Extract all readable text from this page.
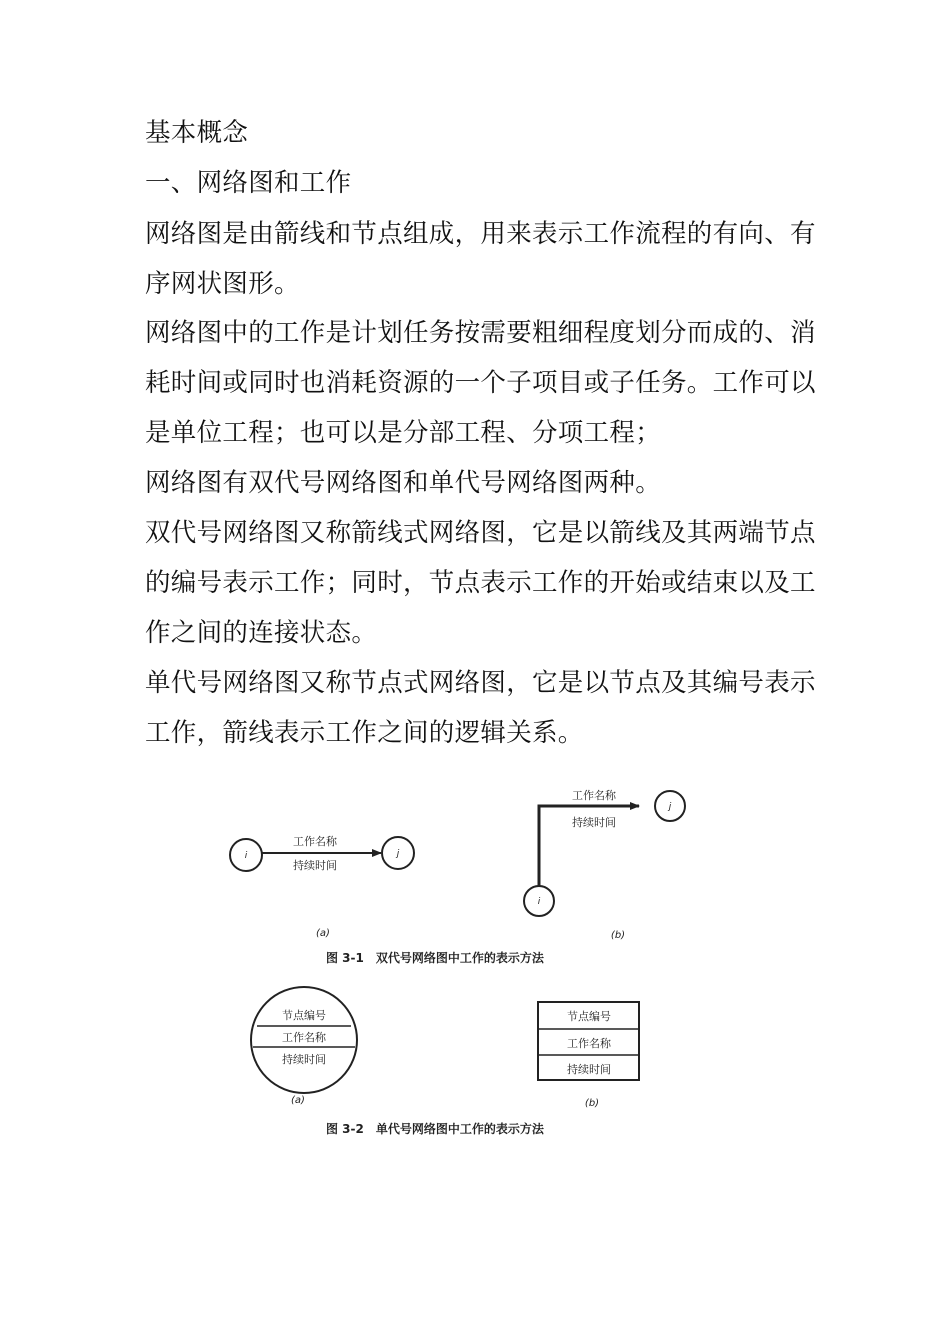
基本概念
一、网络图和工作
网络图是由箭线和节点组成，用来表示工作流程的有向、有
序网状图形。
网络图中的工作是计划任务按需要粗细程度划分而成的、消
耗时间或同时也消耗资源的一个子项目或子任务。工作可以
是单位工程；也可以是分部工程、分项工程；
网络图有双代号网络图和单代号网络图两种。
双代号网络图又称箭线式网络图，它是以箭线及其两端节点
的编号表示工作；同时，节点表示工作的开始或结束以及工
作之间的连接状态。
单代号网络图又称节点式网络图，它是以节点及其编号表示
工作，箭线表示工作之间的逻辑关系。
i	j
工作名称
持续时间
(a)
i
j
工作名称
持续时间
(b)
图 3-1　双代号网络图中工作的表示方法
节点编号
工作名称
持续时间
(a)
节点编号
工作名称
持续时间
(b)
图 3-2　单代号网络图中工作的表示方法
